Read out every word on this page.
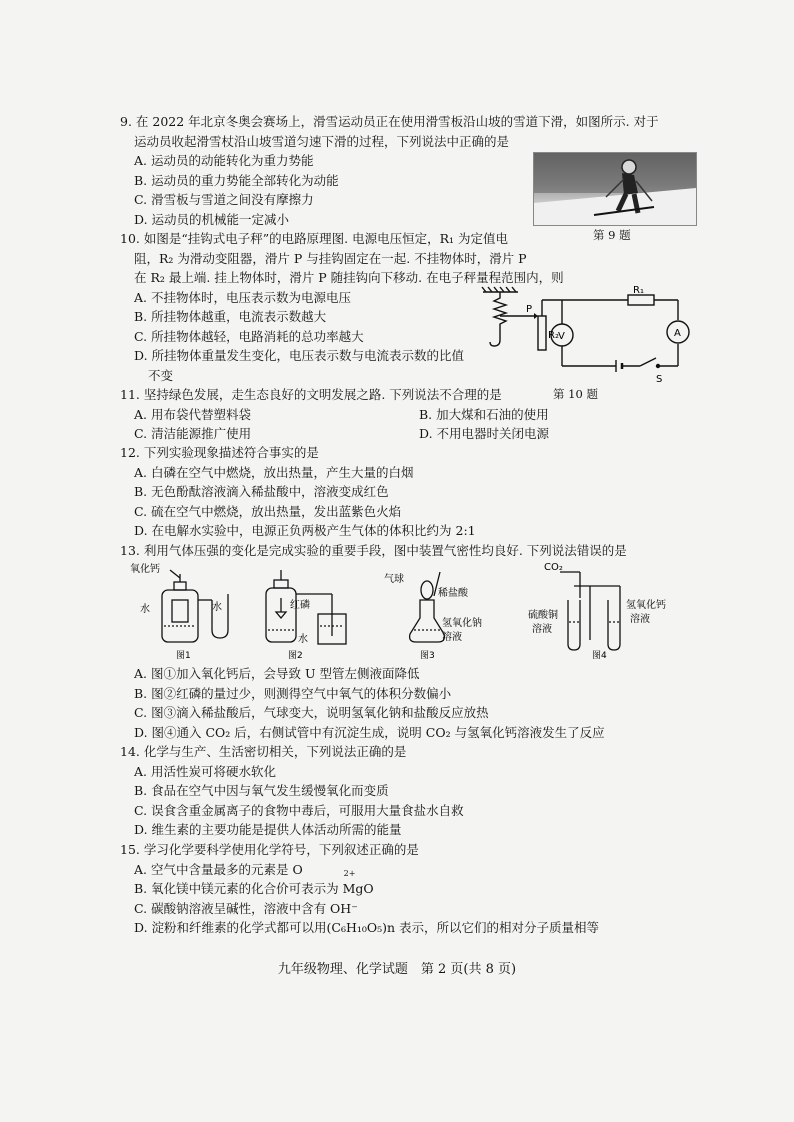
9. 在 2022 年北京冬奥会赛场上，滑雪运动员正在使用滑雪板沿山坡的雪道下滑，如图所示. 对于
运动员收起滑雪杖沿山坡雪道匀速下滑的过程，下列说法中正确的是
A. 运动员的动能转化为重力势能
B. 运动员的重力势能全部转化为动能
C. 滑雪板与雪道之间没有摩擦力
D. 运动员的机械能一定减小
第 9 题
10. 如图是“挂钩式电子秤”的电路原理图. 电源电压恒定，R₁ 为定值电
阻，R₂ 为滑动变阻器，滑片 P 与挂钩固定在一起. 不挂物体时，滑片 P
在 R₂ 最上端. 挂上物体时，滑片 P 随挂钩向下移动. 在电子秤量程范围内，则
A. 不挂物体时，电压表示数为电源电压
B. 所挂物体越重，电流表示数越大
C. 所挂物体越轻，电路消耗的总功率越大
D. 所挂物体重量发生变化，电压表示数与电流表示数的比值
不变
P
R₂
R₁
V	A
S
第 10 题
11. 坚持绿色发展，走生态良好的文明发展之路. 下列说法不合理的是
A. 用布袋代替塑料袋	B. 加大煤和石油的使用
C. 清洁能源推广使用	D. 不用电器时关闭电源
12. 下列实验现象描述符合事实的是
A. 白磷在空气中燃烧，放出热量，产生大量的白烟
B. 无色酚酞溶液滴入稀盐酸中，溶液变成红色
C. 硫在空气中燃烧，放出热量，发出蓝紫色火焰
D. 在电解水实验中，电源正负两极产生气体的体积比约为 2:1
13. 利用气体压强的变化是完成实验的重要手段，图中装置气密性均良好. 下列说法错误的是
氧化钙
水	水
图1
红磷
水
图2
气球
稀盐酸
氢氧化钠
溶液
图3
CO₂
硫酸铜
溶液
氢氧化钙
溶液
图4
A. 图①加入氧化钙后，会导致 U 型管左侧液面降低
B. 图②红磷的量过少，则测得空气中氧气的体积分数偏小
C. 图③滴入稀盐酸后，气球变大，说明氢氧化钠和盐酸反应放热
D. 图④通入 CO₂ 后，右侧试管中有沉淀生成，说明 CO₂ 与氢氧化钙溶液发生了反应
14. 化学与生产、生活密切相关，下列说法正确的是
A. 用活性炭可将硬水软化
B. 食品在空气中因与氧气发生缓慢氧化而变质
C. 误食含重金属离子的食物中毒后，可服用大量食盐水自救
D. 维生素的主要功能是提供人体活动所需的能量
15. 学习化学要科学使用化学符号，下列叙述正确的是
A. 空气中含量最多的元素是 O
B. 氧化镁中镁元素的化合价可表示为
2+
MgO
C. 碳酸钠溶液呈碱性，溶液中含有 OH⁻
D. 淀粉和纤维素的化学式都可以用(C₆H₁₀O₅)n 表示，所以它们的相对分子质量相等
九年级物理、化学试题　第 2 页(共 8 页)
